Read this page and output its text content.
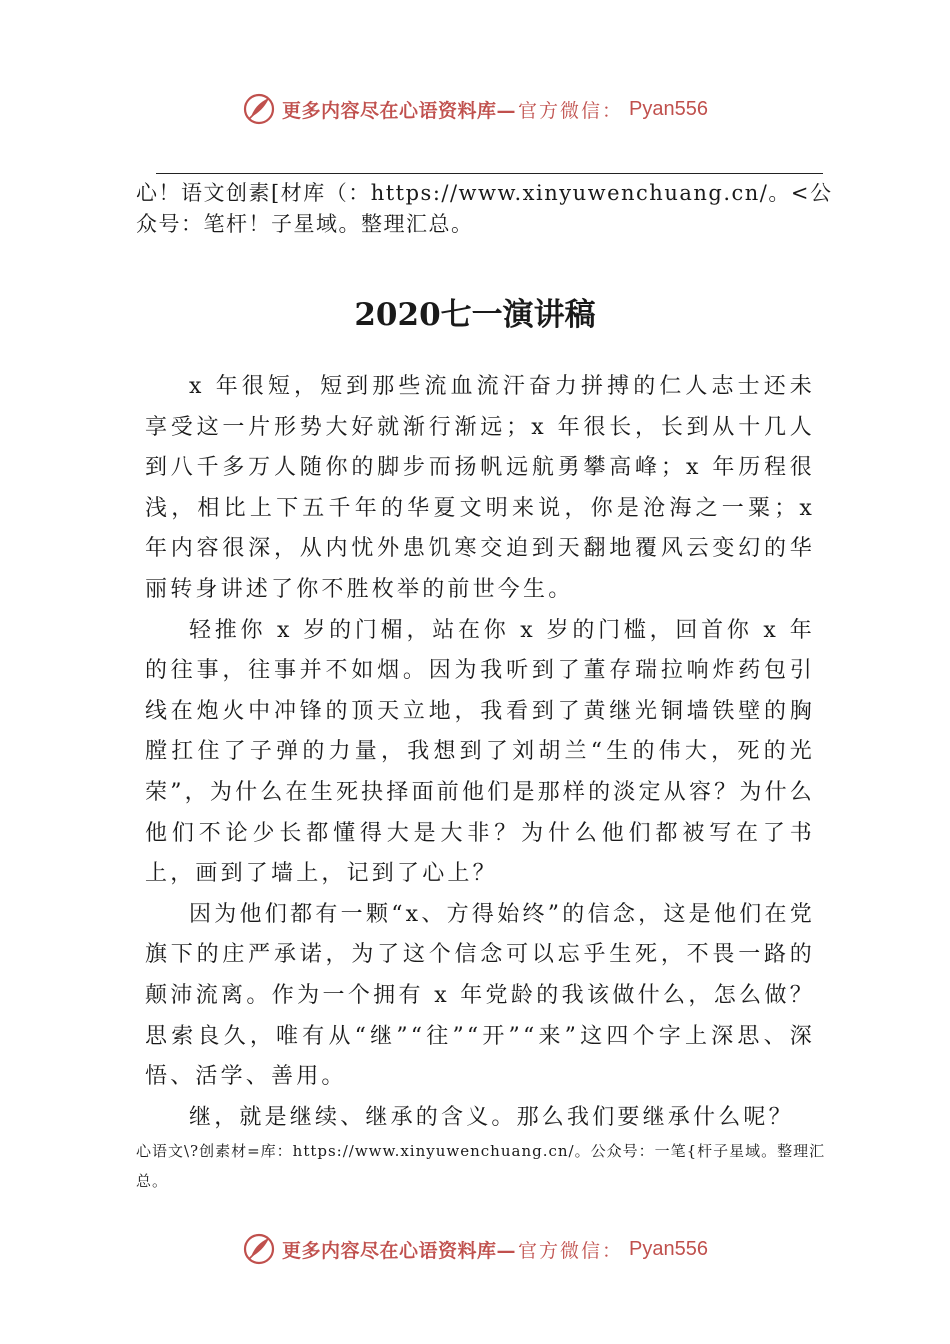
更多内容尽在心语资料库— 官方微信： Pyan556

心！语文创素[材库（：https://www.xinyuwenchuang.cn/。<公众号：笔杆！子星域。整理汇总。

2020七一演讲稿

x 年很短，短到那些流血流汗奋力拼搏的仁人志士还未享受这一片形势大好就渐行渐远；x 年很长，长到从十几人到八千多万人随你的脚步而扬帆远航勇攀高峰；x 年历程很浅，相比上下五千年的华夏文明来说，你是沧海之一粟；x 年内容很深，从内忧外患饥寒交迫到天翻地覆风云变幻的华丽转身讲述了你不胜枚举的前世今生。

轻推你 x 岁的门楣，站在你 x 岁的门槛，回首你 x 年的往事，往事并不如烟。因为我听到了董存瑞拉响炸药包引线在炮火中冲锋的顶天立地，我看到了黄继光铜墙铁壁的胸膛扛住了子弹的力量，我想到了刘胡兰“生的伟大，死的光荣”，为什么在生死抉择面前他们是那样的淡定从容？为什么他们不论少长都懂得大是大非？为什么他们都被写在了书上，画到了墙上，记到了心上？

因为他们都有一颗“x、方得始终”的信念，这是他们在党旗下的庄严承诺，为了这个信念可以忘乎生死，不畏一路的颠沛流离。作为一个拥有 x 年党龄的我该做什么，怎么做？思索良久，唯有从“继”“往”“开”“来”这四个字上深思、深悟、活学、善用。

继，就是继续、继承的含义。那么我们要继承什么呢？

心语文\?创素材=库：https://www.xinyuwenchuang.cn/。公众号：一笔{杆子星域。整理汇总。

更多内容尽在心语资料库— 官方微信： Pyan556
